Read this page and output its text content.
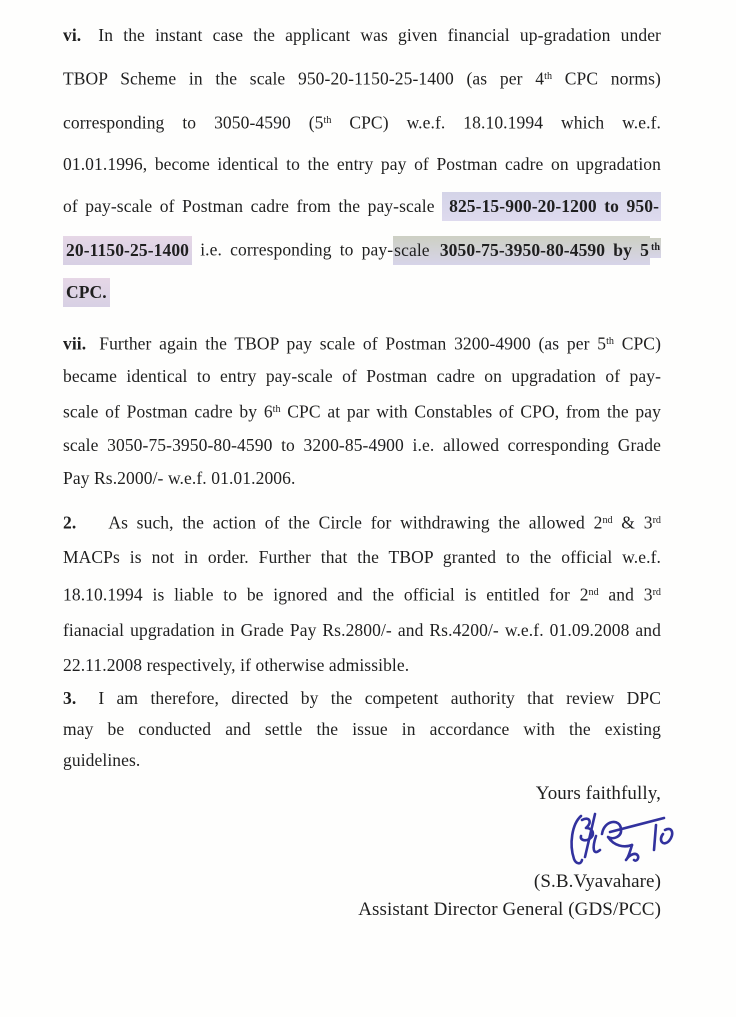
vi. In the instant case the applicant was given financial up-gradation under
TBOP Scheme in the scale 950-20-1150-25-1400 (as per 4th CPC norms)
corresponding to 3050-4590 (5th CPC) w.e.f. 18.10.1994 which w.e.f.
01.01.1996, become identical to the entry pay of Postman cadre on upgradation
of pay-scale of Postman cadre from the pay-scale 825-15-900-20-1200 to 950-
20-1150-25-1400 i.e. corresponding to pay-scale 3050-75-3950-80-4590 by 5 $^{th}$
CPC.
vii. Further again the TBOP pay scale of Postman 3200-4900 (as per 5th CPC)
became identical to entry pay-scale of Postman cadre on upgradation of pay-
scale of Postman cadre by 6th CPC at par with Constables of CPO, from the pay
scale 3050-75-3950-80-4590 to 3200-85-4900 i.e. allowed corresponding Grade
Pay Rs.2000/- w.e.f. 01.01.2006.
2. As such, the action of the Circle for withdrawing the allowed 2nd & 3rd
MACPs is not in order. Further that the TBOP granted to the official w.e.f.
18.10.1994 is liable to be ignored and the official is entitled for 2nd and 3rd
fianacial upgradation in Grade Pay Rs.2800/- and Rs.4200/- w.e.f. 01.09.2008 and
22.11.2008 respectively, if otherwise admissible.
3. I am therefore, directed by the competent authority that review DPC
may be conducted and settle the issue in accordance with the existing
guidelines.
Yours faithfully,
(S.B.Vyavahare)
Assistant Director General (GDS/PCC)
